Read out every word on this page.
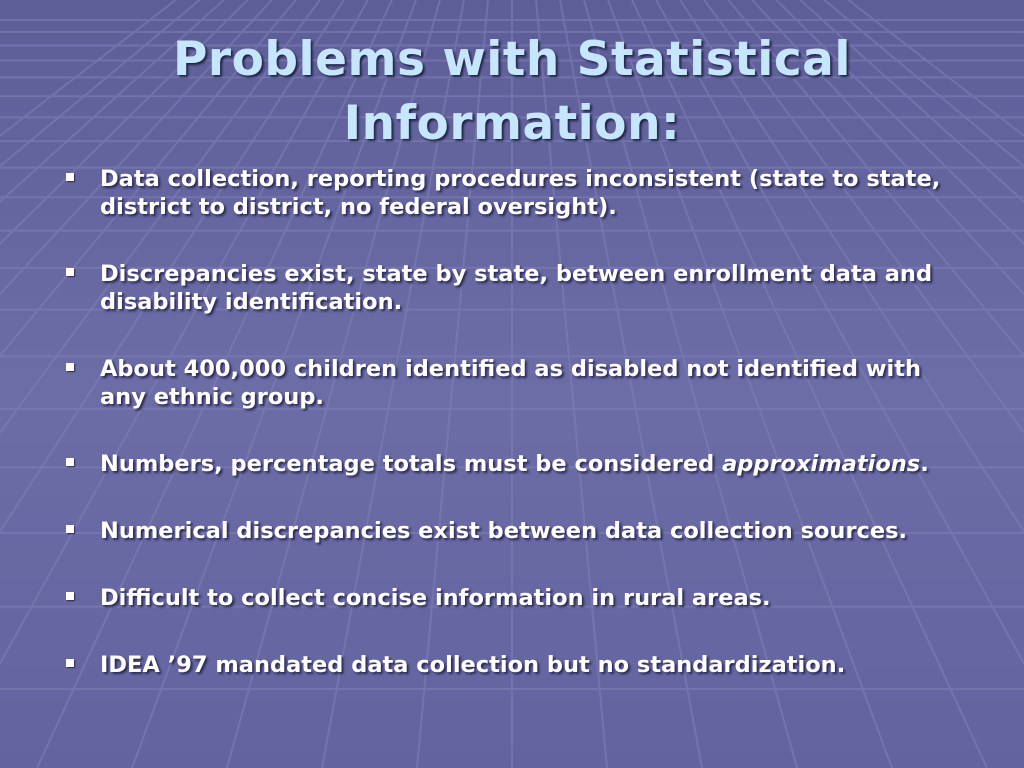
Problems with Statistical
Information:
Data collection, reporting procedures inconsistent (state to state, district to district, no federal oversight).
Discrepancies exist, state by state, between enrollment data and disability identification.
About 400,000 children identified as disabled not identified with any ethnic group.
Numbers, percentage totals must be considered approximations.
Numerical discrepancies exist between data collection sources.
Difficult to collect concise information in rural areas.
IDEA ’97 mandated data collection but no standardization.
